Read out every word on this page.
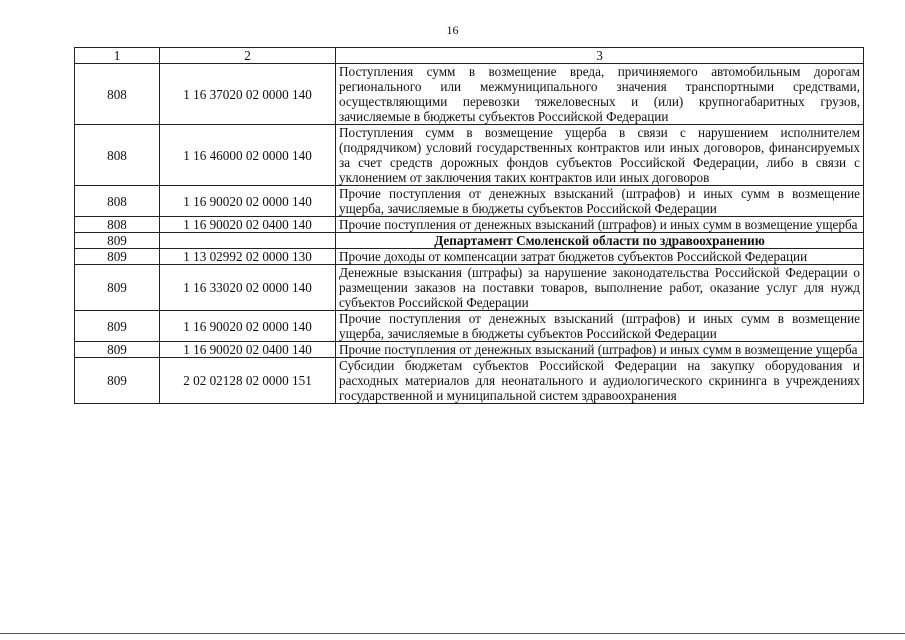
16
1	2	3
808	1 16 37020 02 0000 140	Поступления сумм в возмещение вреда, причиняемого автомобильным дорогам регионального или межмуниципального значения транспортными средствами, осуществляющими перевозки тяжеловесных и (или) крупногабаритных грузов, зачисляемые в бюджеты субъектов Российской Федерации
808	1 16 46000 02 0000 140	Поступления сумм в возмещение ущерба в связи с нарушением исполнителем (подрядчиком) условий государственных контрактов или иных договоров, финансируемых за счет средств дорожных фондов субъектов Российской Федерации, либо в связи с уклонением от заключения таких контрактов или иных договоров
808	1 16 90020 02 0000 140	Прочие поступления от денежных взысканий (штрафов) и иных сумм в возмещение ущерба, зачисляемые в бюджеты субъектов Российской Федерации
808	1 16 90020 02 0400 140	Прочие поступления от денежных взысканий (штрафов) и иных сумм в возмещение ущерба
809		Департамент Смоленской области по здравоохранению
809	1 13 02992 02 0000 130	Прочие доходы от компенсации затрат бюджетов субъектов Российской Федерации
809	1 16 33020 02 0000 140	Денежные взыскания (штрафы) за нарушение законодательства Российской Федерации о размещении заказов на поставки товаров, выполнение работ, оказание услуг для нужд субъектов Российской Федерации
809	1 16 90020 02 0000 140	Прочие поступления от денежных взысканий (штрафов) и иных сумм в возмещение ущерба, зачисляемые в бюджеты субъектов Российской Федерации
809	1 16 90020 02 0400 140	Прочие поступления от денежных взысканий (штрафов) и иных сумм в возмещение ущерба
809	2 02 02128 02 0000 151	Субсидии бюджетам субъектов Российской Федерации на закупку оборудования и расходных материалов для неонатального и аудиологического скрининга в учреждениях государственной и муниципальной систем здравоохранения
